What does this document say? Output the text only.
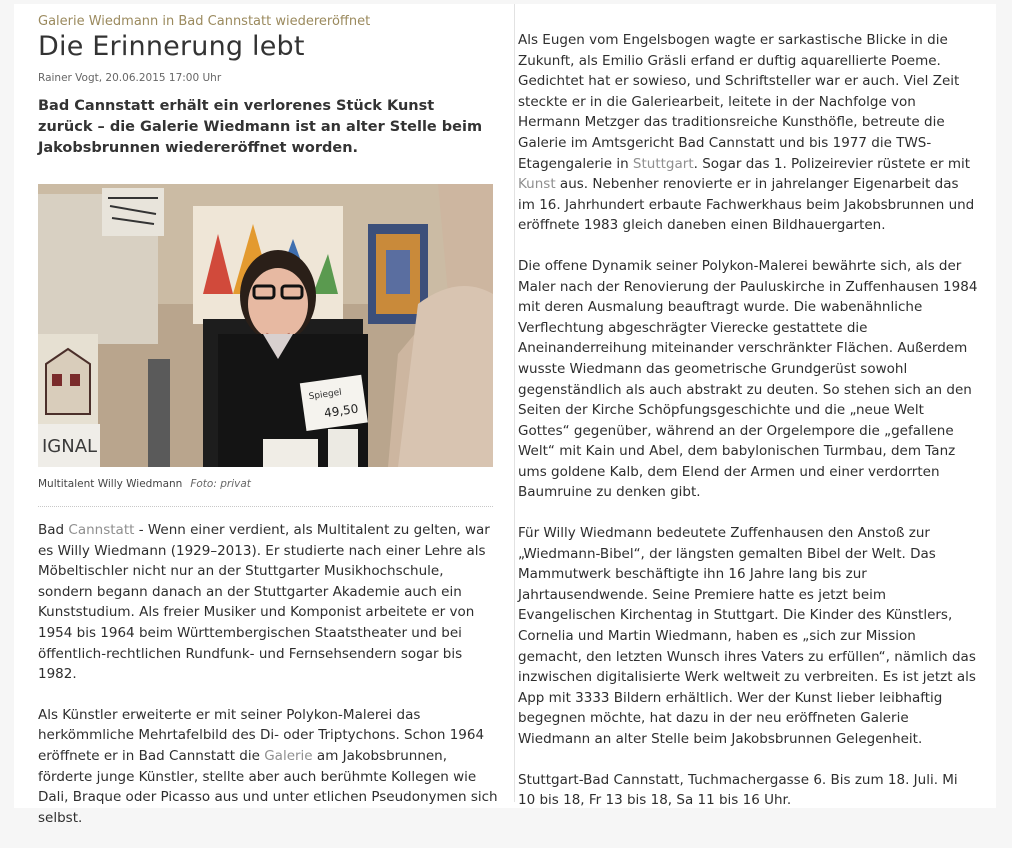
Galerie Wiedmann in Bad Cannstatt wiedereröffnet
Die Erinnerung lebt
Rainer Vogt, 20.06.2015 17:00 Uhr
Bad Cannstatt erhält ein verlorenes Stück Kunst zurück – die Galerie Wiedmann ist an alter Stelle beim Jakobsbrunnen wiedereröffnet worden.
Spiegel
49,50
IGNAL
Multitalent Willy Wiedmann Foto: privat

Bad Cannstatt - Wenn einer verdient, als Multitalent zu gelten, war es Willy Wiedmann (1929–2013). Er studierte nach einer Lehre als Möbeltischler nicht nur an der Stuttgarter Musikhochschule, sondern begann danach an der Stuttgarter Akademie auch ein Kunststudium. Als freier Musiker und Komponist arbeitete er von 1954 bis 1964 beim Württembergischen Staatstheater und bei öffentlich-rechtlichen Rundfunk- und Fernsehsendern sogar bis 1982.

Als Künstler erweiterte er mit seiner Polykon-Malerei das herkömmliche Mehrtafelbild des Di- oder Triptychons. Schon 1964 eröffnete er in Bad Cannstatt die Galerie am Jakobsbrunnen, förderte junge Künstler, stellte aber auch berühmte Kollegen wie Dali, Braque oder Picasso aus und unter etlichen Pseudonymen sich selbst.

Als Eugen vom Engelsbogen wagte er sarkastische Blicke in die Zukunft, als Emilio Gräsli erfand er duftig aquarellierte Poeme. Gedichtet hat er sowieso, und Schriftsteller war er auch. Viel Zeit steckte er in die Galeriearbeit, leitete in der Nachfolge von Hermann Metzger das traditionsreiche Kunsthöfle, betreute die Galerie im Amtsgericht Bad Cannstatt und bis 1977 die TWS-Etagengalerie in Stuttgart. Sogar das 1. Polizeirevier rüstete er mit Kunst aus. Nebenher renovierte er in jahrelanger Eigenarbeit das im 16. Jahrhundert erbaute Fachwerkhaus beim Jakobsbrunnen und eröffnete 1983 gleich daneben einen Bildhauergarten.

Die offene Dynamik seiner Polykon-Malerei bewährte sich, als der Maler nach der Renovierung der Pauluskirche in Zuffenhausen 1984 mit deren Ausmalung beauftragt wurde. Die wabenähnliche Verflechtung abgeschrägter Vierecke gestattete die Aneinanderreihung miteinander verschränkter Flächen. Außerdem wusste Wiedmann das geometrische Grundgerüst sowohl gegenständlich als auch abstrakt zu deuten. So stehen sich an den Seiten der Kirche Schöpfungsgeschichte und die „neue Welt Gottes“ gegenüber, während an der Orgelempore die „gefallene Welt“ mit Kain und Abel, dem babylonischen Turmbau, dem Tanz ums goldene Kalb, dem Elend der Armen und einer verdorrten Baumruine zu denken gibt.

Für Willy Wiedmann bedeutete Zuffenhausen den Anstoß zur „Wiedmann-Bibel“, der längsten gemalten Bibel der Welt. Das Mammutwerk beschäftigte ihn 16 Jahre lang bis zur Jahrtausendwende. Seine Premiere hatte es jetzt beim Evangelischen Kirchentag in Stuttgart. Die Kinder des Künstlers, Cornelia und Martin Wiedmann, haben es „sich zur Mission gemacht, den letzten Wunsch ihres Vaters zu erfüllen“, nämlich das inzwischen digitalisierte Werk weltweit zu verbreiten. Es ist jetzt als App mit 3333 Bildern erhältlich. Wer der Kunst lieber leibhaftig begegnen möchte, hat dazu in der neu eröffneten Galerie Wiedmann an alter Stelle beim Jakobsbrunnen Gelegenheit.

Stuttgart-Bad Cannstatt, Tuchmachergasse 6. Bis zum 18. Juli. Mi 10 bis 18, Fr 13 bis 18, Sa 11 bis 16 Uhr.
